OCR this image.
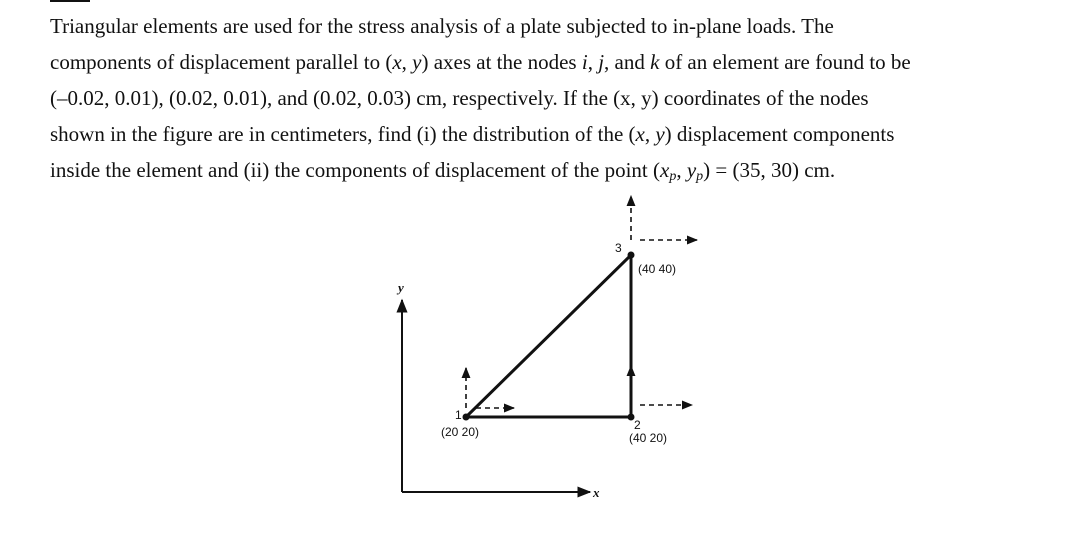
Triangular elements are used for the stress analysis of a plate subjected to in-plane loads. The
components of displacement parallel to (x, y) axes at the nodes i, j, and k of an element are found to be
(–0.02, 0.01), (0.02, 0.01), and (0.02, 0.03) cm, respectively. If the (x, y) coordinates of the nodes
shown in the figure are in centimeters, find (i) the distribution of the (x, y) displacement components
inside the element and (ii) the components of displacement of the point ($x_p$, $y_p) = (35$, 30) cm.
y
x
1
(20 20)	2
(40 20)
3
(40 40)
